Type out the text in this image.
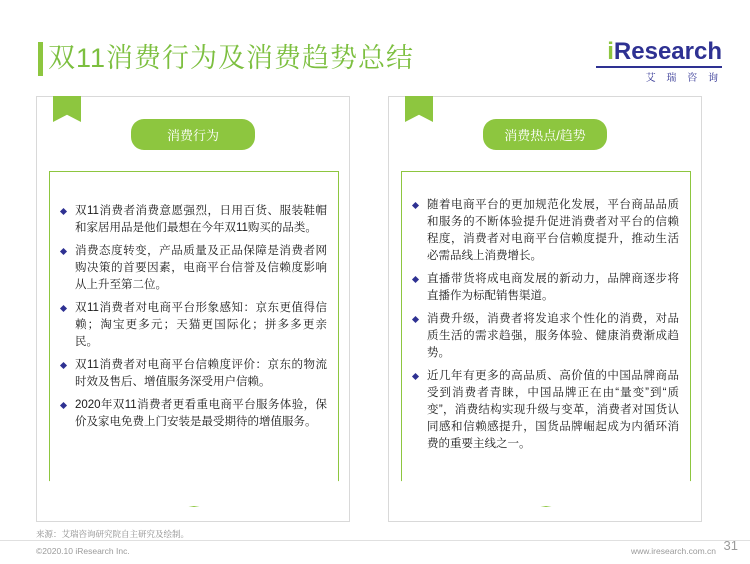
双11消费行为及消费趋势总结	iResearch
艾 瑞 咨 询
消费行为
双11消费者消费意愿强烈，日用百货、服装鞋帽和家居用品是他们最想在今年双11购买的品类。
消费态度转变，产品质量及正品保障是消费者网购决策的首要因素，电商平台信誉及信赖度影响从上升至第二位。
双11消费者对电商平台形象感知：京东更值得信赖；淘宝更多元；天猫更国际化；拼多多更亲民。
双11消费者对电商平台信赖度评价：京东的物流时效及售后、增值服务深受用户信赖。
2020年双11消费者更看重电商平台服务体验，保价及家电免费上门安装是最受期待的增值服务。
消费热点/趋势
随着电商平台的更加规范化发展，平台商品品质和服务的不断体验提升促进消费者对平台的信赖程度，消费者对电商平台信赖度提升，推动生活必需品线上消费增长。
直播带货将成电商发展的新动力，品牌商逐步将直播作为标配销售渠道。
消费升级，消费者将发追求个性化的消费，对品质生活的需求趋强，服务体验、健康消费渐成趋势。
近几年有更多的高品质、高价值的中国品牌商品受到消费者青睐，中国品牌正在由“量变”到“质变”，消费结构实现升级与变革，消费者对国货认同感和信赖感提升，国货品牌崛起成为内循环消费的重要主线之一。
来源：艾瑞咨询研究院自主研究及绘制。
©2020.10 iResearch Inc.	www.iresearch.com.cn 31
